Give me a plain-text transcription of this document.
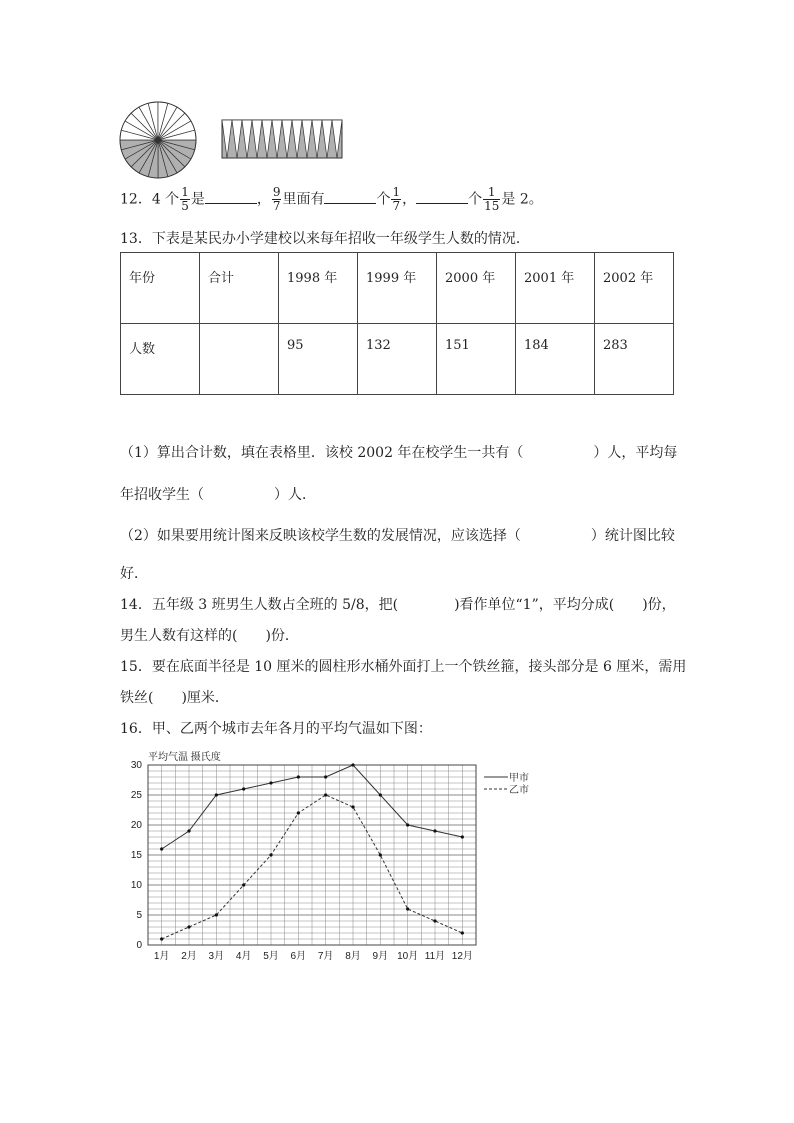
12．4 个 $\frac{1}{5}$ 是	， $\frac{9}{7}$ 里面有	个 $\frac{1}{7}$ ，	个 $\frac{1}{15}$ 是 2。
13．下表是某民办小学建校以来每年招收一年级学生人数的情况．
年份	合计	1998 年	1999 年	2000 年	2001 年	2002 年
人数		95	132	151	184	283
（1）算出合计数，填在表格里．该校 2002 年在校学生一共有（　　　　　）人，平均每
年招收学生（　　　　　）人．
（2）如果要用统计图来反映该校学生数的发展情况，应该选择（　　　　　）统计图比较
好．
14．五年级 3 班男生人数占全班的 5/8，把(　　　　)看作单位“1”，平均分成(　　)份，
男生人数有这样的(　　)份．
15．要在底面半径是 10 厘米的圆柱形水桶外面打上一个铁丝箍，接头部分是 6 厘米，需用
铁丝(　　)厘米．
16．甲、乙两个城市去年各月的平均气温如下图：
0
5
10
15
20
25
30
1月 2月 3月 4月 5月 6月 7月 8月 9月 10月 11月 12月
平均气温 摄氏度
甲市
乙市
